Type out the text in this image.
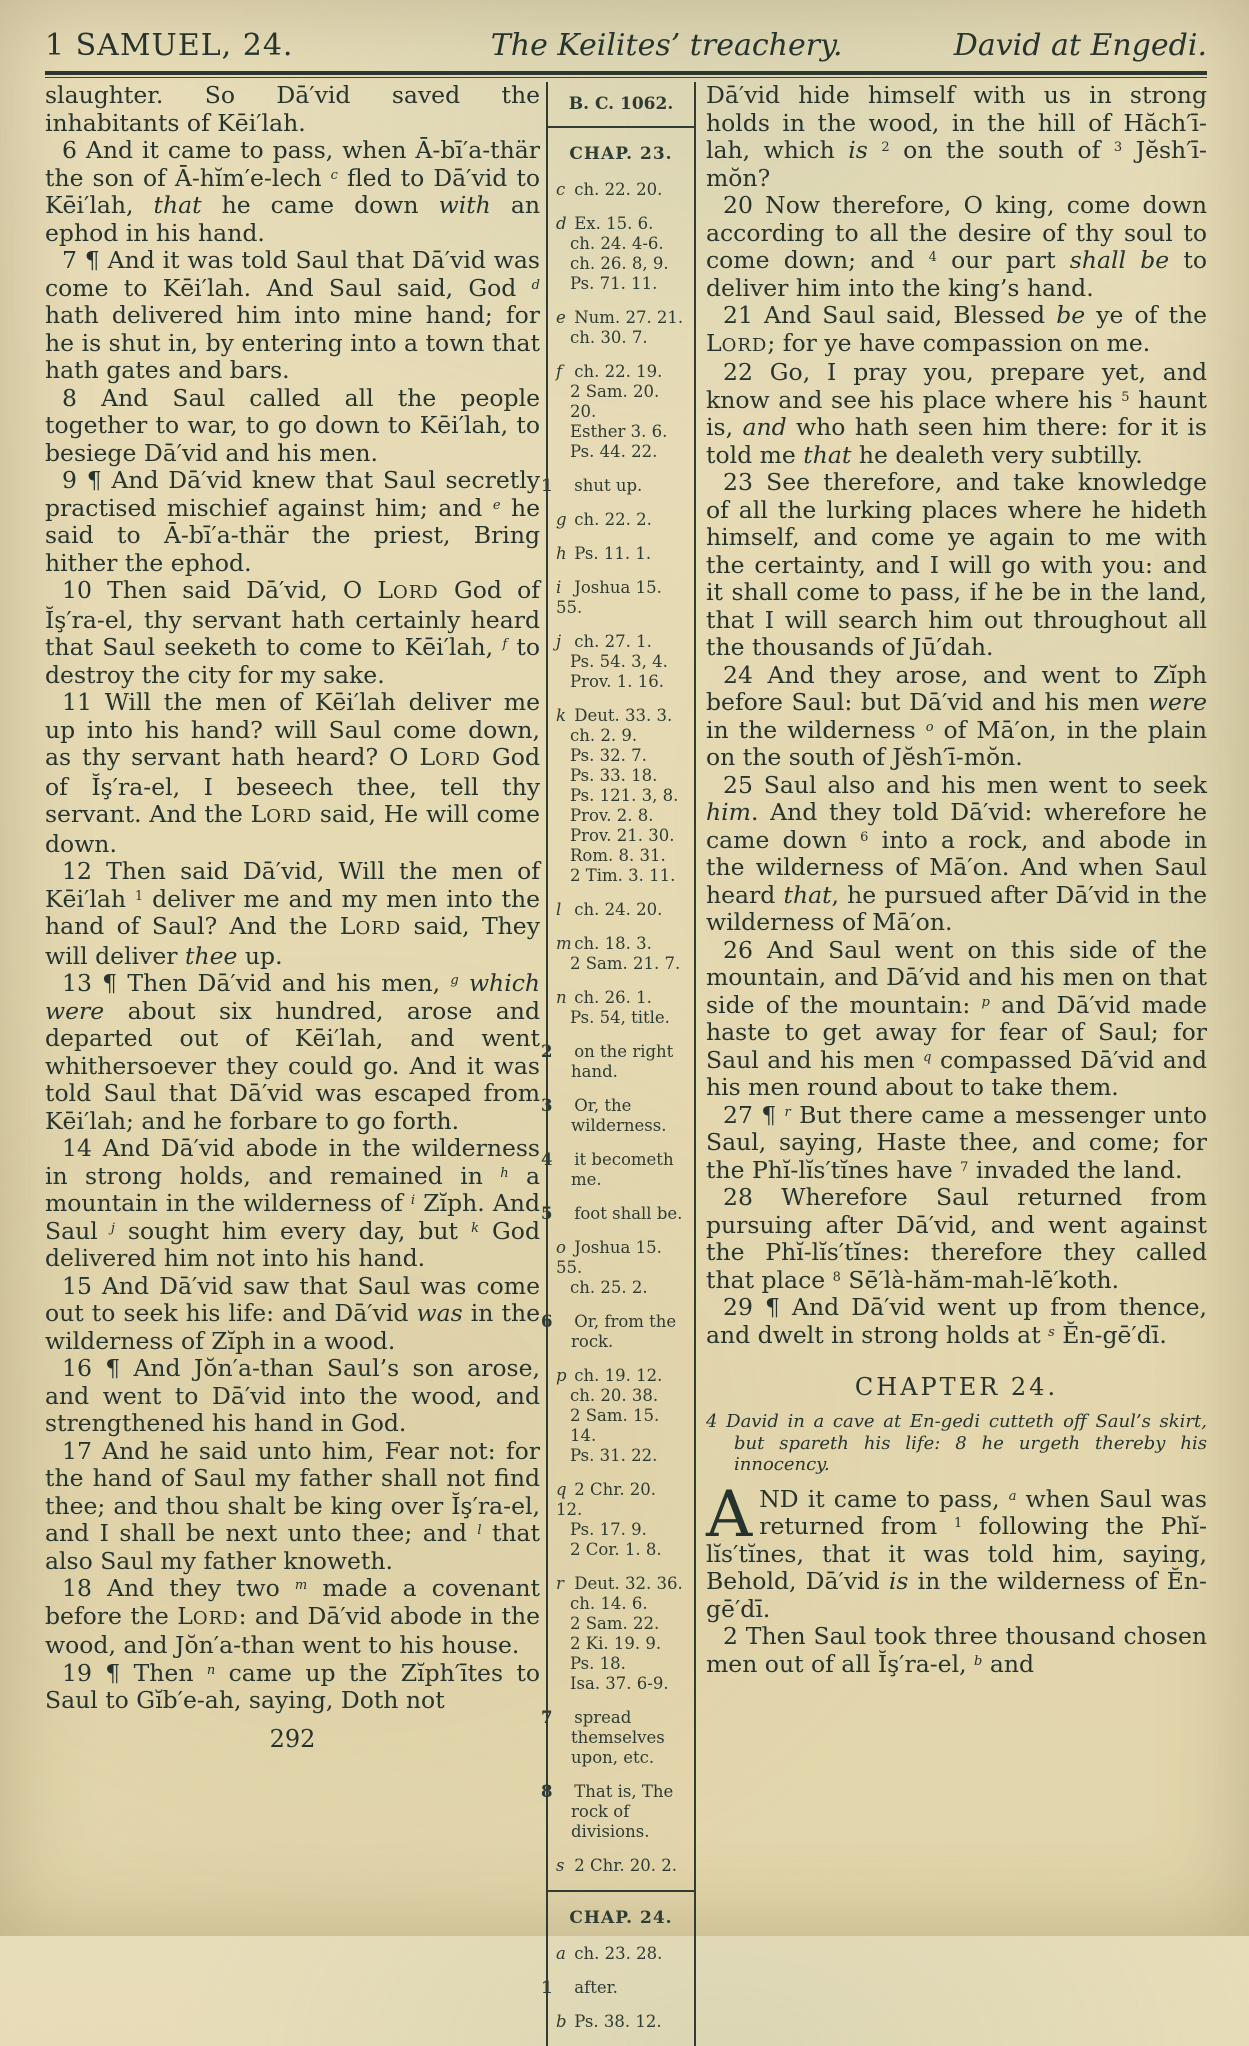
1 SAMUEL, 24.	The Keilites’ treachery.	David at Engedi.

slaughter. So Dā′vid saved the inhabitants of Kēi′lah.

6 And it came to pass, when Ā-bī′a-thär the son of Ā-hĭm′e-lech $^c$ fled to Dā′vid to Kēi′lah, that he came down with an ephod in his hand.

7 ¶ And it was told Saul that Dā′vid was come to Kēi′lah. And Saul said, God $^d$ hath delivered him into mine hand; for he is shut in, by entering into a town that hath gates and bars.

8 And Saul called all the people together to war, to go down to Kēi′lah, to besiege Dā′vid and his men.

9 ¶ And Dā′vid knew that Saul secretly practised mischief against him; and $^e$ he said to Ā-bī′a-thär the priest, Bring hither the ephod.

10 Then said Dā′vid, O LORD God of Ĭş′ra-el, thy servant hath certainly heard that Saul seeketh to come to Kēi′lah, $^f$ to destroy the city for my sake.

11 Will the men of Kēi′lah deliver me up into his hand? will Saul come down, as thy servant hath heard? O LORD God of Ĭş′ra-el, I beseech thee, tell thy servant. And the LORD said, He will come down.

12 Then said Dā′vid, Will the men of Kēi′lah $^1$ deliver me and my men into the hand of Saul? And the LORD said, They will deliver thee up.

13 ¶ Then Dā′vid and his men, $^g$ which were about six hundred, arose and departed out of Kēi′lah, and went whithersoever they could go. And it was told Saul that Dā′vid was escaped from Kēi′lah; and he forbare to go forth.

14 And Dā′vid abode in the wilderness in strong holds, and remained in $^h$ a mountain in the wilderness of $^i$ Zĭph. And Saul $^j$ sought him every day, but $^k$ God delivered him not into his hand.

15 And Dā′vid saw that Saul was come out to seek his life: and Dā′vid was in the wilderness of Zĭph in a wood.

16 ¶ And Jŏn′a-than Saul’s son arose, and went to Dā′vid into the wood, and strengthened his hand in God.

17 And he said unto him, Fear not: for the hand of Saul my father shall not find thee; and thou shalt be king over Ĭş′ra-el, and I shall be next unto thee; and $^l$ that also Saul my father knoweth.

18 And they two $^m$ made a covenant before the LORD: and Dā′vid abode in the wood, and Jŏn′a-than went to his house.

19 ¶ Then $^n$ came up the Zĭph′ītes to Saul to Gĭb′e-ah, saying, Doth not

292
B. C. 1062.
CHAP. 23.
c ch. 22. 20.
d Ex. 15. 6.
ch. 24. 4-6.
ch. 26. 8, 9.
Ps. 71. 11.
e Num. 27. 21.
ch. 30. 7.
f ch. 22. 19.
2 Sam. 20. 20.
Esther 3. 6.
Ps. 44. 22.
1 shut up.
g ch. 22. 2.
h Ps. 11. 1.
i Joshua 15. 55.
j ch. 27. 1.
Ps. 54. 3, 4.
Prov. 1. 16.
k Deut. 33. 3.
ch. 2. 9.
Ps. 32. 7.
Ps. 33. 18.
Ps. 121. 3, 8.
Prov. 2. 8.
Prov. 21. 30.
Rom. 8. 31.
2 Tim. 3. 11.
l ch. 24. 20.
m ch. 18. 3.
2 Sam. 21. 7.
n ch. 26. 1.
Ps. 54, title.
2 on the right hand.
3 Or, the wilderness.
4 it becometh me.
5 foot shall be.
o Joshua 15. 55.
ch. 25. 2.
6 Or, from the rock.
p ch. 19. 12.
ch. 20. 38.
2 Sam. 15. 14.
Ps. 31. 22.
q 2 Chr. 20. 12.
Ps. 17. 9.
2 Cor. 1. 8.
r Deut. 32. 36.
ch. 14. 6.
2 Sam. 22.
2 Ki. 19. 9.
Ps. 18.
Isa. 37. 6-9.
7 spread themselves upon, etc.
8 That is, The rock of divisions.
s 2 Chr. 20. 2.
CHAP. 24.
a ch. 23. 28.
1 after.
b Ps. 38. 12.

Dā′vid hide himself with us in strong holds in the wood, in the hill of Hăch′ī-lah, which is $^2$ on the south of $^3$ Jĕsh′ī-mŏn?

20 Now therefore, O king, come down according to all the desire of thy soul to come down; and $^4$ our part shall be to deliver him into the king’s hand.

21 And Saul said, Blessed be ye of the LORD; for ye have compassion on me.

22 Go, I pray you, prepare yet, and know and see his place where his $^5$ haunt is, and who hath seen him there: for it is told me that he dealeth very subtilly.

23 See therefore, and take knowledge of all the lurking places where he hideth himself, and come ye again to me with the certainty, and I will go with you: and it shall come to pass, if he be in the land, that I will search him out throughout all the thousands of Jū′dah.

24 And they arose, and went to Zĭph before Saul: but Dā′vid and his men were in the wilderness $^o$ of Mā′on, in the plain on the south of Jĕsh′ī-mŏn.

25 Saul also and his men went to seek him. And they told Dā′vid: wherefore he came down $^6$ into a rock, and abode in the wilderness of Mā′on. And when Saul heard that, he pursued after Dā′vid in the wilderness of Mā′on.

26 And Saul went on this side of the mountain, and Dā′vid and his men on that side of the mountain: $^p$ and Dā′vid made haste to get away for fear of Saul; for Saul and his men $^q$ compassed Dā′vid and his men round about to take them.

27 ¶ $^r$ But there came a messenger unto Saul, saying, Haste thee, and come; for the Phĭ-lĭs′tĭnes have $^7$ invaded the land.

28 Wherefore Saul returned from pursuing after Dā′vid, and went against the Phĭ-lĭs′tĭnes: therefore they called that place $^8$ Sē′là-hăm-mah-lē′koth.

29 ¶ And Dā′vid went up from thence, and dwelt in strong holds at $^s$ Ĕn-gē′dī.

CHAPTER 24.

4 David in a cave at En-gedi cutteth off Saul’s skirt, but spareth his life: 8 he urgeth thereby his innocency.

AND it came to pass, $^a$ when Saul was returned from $^1$ following the Phĭ-lĭs′tĭnes, that it was told him, saying, Behold, Dā′vid is in the wilderness of Ĕn-gē′dī.

2 Then Saul took three thousand chosen men out of all Ĭş′ra-el, $^b$ and
